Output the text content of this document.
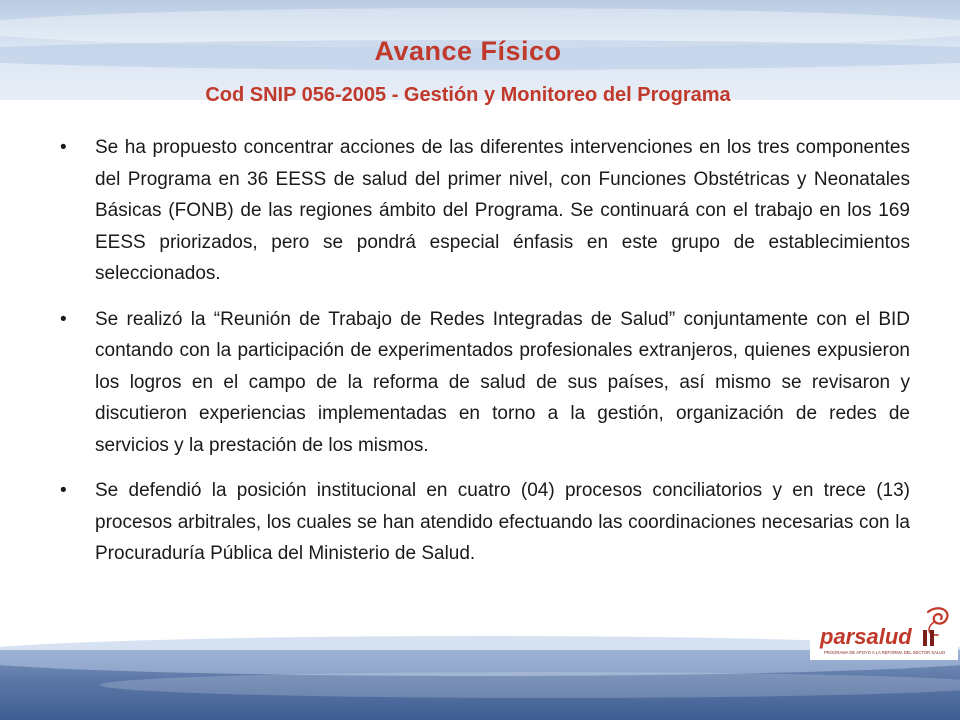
Avance Físico
Cod SNIP 056-2005 - Gestión y Monitoreo del Programa
• Se ha propuesto concentrar acciones de las diferentes intervenciones en los tres componentes del Programa en 36 EESS de salud del primer nivel, con Funciones Obstétricas y Neonatales Básicas (FONB) de las regiones ámbito del Programa. Se continuará con el trabajo en los 169 EESS priorizados, pero se pondrá especial énfasis en este grupo de establecimientos seleccionados.
• Se realizó la “Reunión de Trabajo de Redes Integradas de Salud” conjuntamente con el BID contando con la participación de experimentados profesionales extranjeros, quienes expusieron los logros en el campo de la reforma de salud de sus países, así mismo se revisaron y discutieron experiencias implementadas en torno a la gestión, organización de redes de servicios y la prestación de los mismos.
• Se defendió la posición institucional en cuatro (04) procesos conciliatorios y en trece (13) procesos arbitrales, los cuales se han atendido efectuando las coordinaciones necesarias con la Procuraduría Pública del Ministerio de Salud.
parsalud
PROGRAMA DE APOYO A LA REFORMA DEL SECTOR SALUD
